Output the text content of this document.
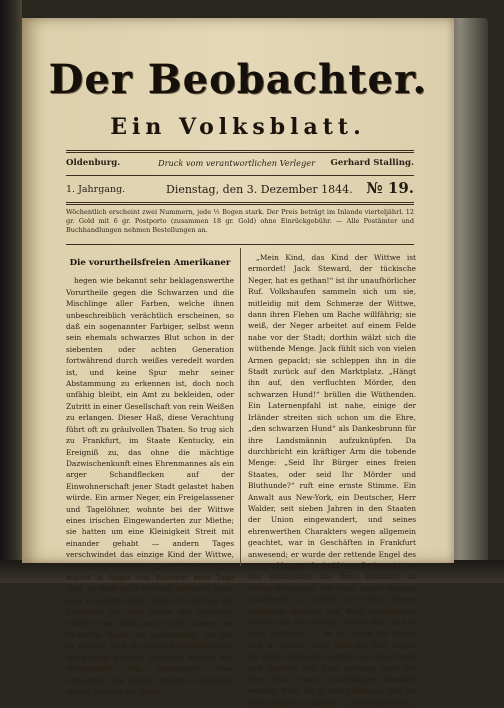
Der Beobachter.
Ein Volksblatt.
Oldenburg.	Druck vom verantwortlichen Verleger Gerhard Stalling.
1. Jahrgang.	Dienstag, den 3. Dezember 1844. № 19.
Wöchentlich erscheint zwei Nummern, jede ½ Bogen stark. Der Preis beträgt im Inlande vierteljährl. 12 gr. Gold mit 6 gr. Postporto (zusammen 18 gr. Gold) ohne Einrückgebühr. — Alle Postämter und Buchhandlungen nehmen Bestellungen an.
Die vorurtheilsfreien Amerikaner

hegen wie bekannt sehr beklagenswerthe Vorurtheile gegen die Schwarzen und die Mischlinge aller Farben, welche ihnen unbeschreiblich verächtlich erscheinen, so daß ein sogenannter Farbiger, selbst wenn sein ehemals schwarzes Blut schon in der siebenten oder achten Generation fortwährend durch weißes veredelt worden ist, und keine Spur mehr seiner Abstammung zu erkennen ist, doch noch unfähig bleibt, ein Amt zu bekleiden, oder Zutritt in einer Gesellschaft von rein Weißen zu erlangen. Dieser Haß, diese Verachtung führt oft zu gräulvollen Thaten. So trug sich zu Frankfurt, im Staate Kentucky, ein Ereigniß zu, das ohne die mächtige Dazwischenkunft eines Ehrenmannes als ein arger Schandflecken auf der Einwohnerschaft jener Stadt gelastet haben würde. Ein armer Neger, ein Freigelassener und Tagelöhner, wohnte bei der Wittwe eines irischen Eingewanderten zur Miethe; sie hatten um eine Kleinigkeit Streit mit einander gehabt — andern Tages verschwindet das einzige Kind der Wittwe, ein Knabe von vier Jahren. Die Wittwe wartet in Angst und Kummer zwei Tage lang, es blieb das Kind etwa verlaufen habe, aber es kehrte nicht zurück. Da fällt es wie Schuppen von den Augen der trostlosen Mutter: Dein Kind kommt nicht wieder, der tückische Neger hat es ermordet, um sich zu rächen! Und die ganze leidenschaftliche Wuth ihres irischen Stammes ergreift sie; wehklagend, das ergrauende Haar zerraufend, die Hände flatternd, durchläuft sie die Straßen der Stadt:

„Mein Kind, das Kind der Wittwe ist ermordet! Jack Steward, der tückische Neger, hat es gethan!“ ist ihr unaufhörlicher Ruf. Volkshaufen sammeln sich um sie, mitleidig mit dem Schmerze der Wittwe, dann ihren Flehen um Rache willfährig; sie weiß, der Neger arbeitet auf einem Felde nahe vor der Stadt; dorthin wälzt sich die wüthende Menge. Jack fühlt sich von vielen Armen gepackt; sie schleppen ihn in die Stadt zurück auf den Marktplatz. „Hängt ihn auf, den verfluchten Mörder, den schwarzen Hund!“ brüllen die Wüthenden. Ein Laternenpfahl ist nahe, einige der Irländer streiten sich schon um die Ehre, „den schwarzen Hund“ als Dankesbrunn für ihre Landsmännin aufzuknüpfen. Da durchbricht ein kräftiger Arm die tobende Menge: „Seid Ihr Bürger eines freien Staates, oder seid Ihr Mörder und Bluthunde?“ ruft eine ernste Stimme. Ein Anwalt aus New-York, ein Deutscher, Herr Walder, seit sieben Jahren in den Staaten der Union eingewandert, und seines ehrenwerthen Charakters wegen allgemein geachtet, war in Geschäften in Frankfurt anwesend; er wurde der rettende Engel des armen Negers. In kräftiger Rede zeigt er den Wüthenden, die ihren Blutdurst zu stillen verlangten, wie einer seiner eigenen Landsleute, so würde die wilde Menge blindlings stürmen und Wuth entbrennen, und als mit den Worten: „Tödtet ihn“, und er wird entfliehen — es ist, wenn die Sache sich so verhält, dann wird die Welt sagen: Im Staate Kentucky mordet man ohne Recht und Gericht! Soll Euer schönes Land mit dem Blute eines Unschuldigen besudelt werden, wollt Ihr es dahin bringen, daß die Recht walten zu lassen! — Die Menge wich
